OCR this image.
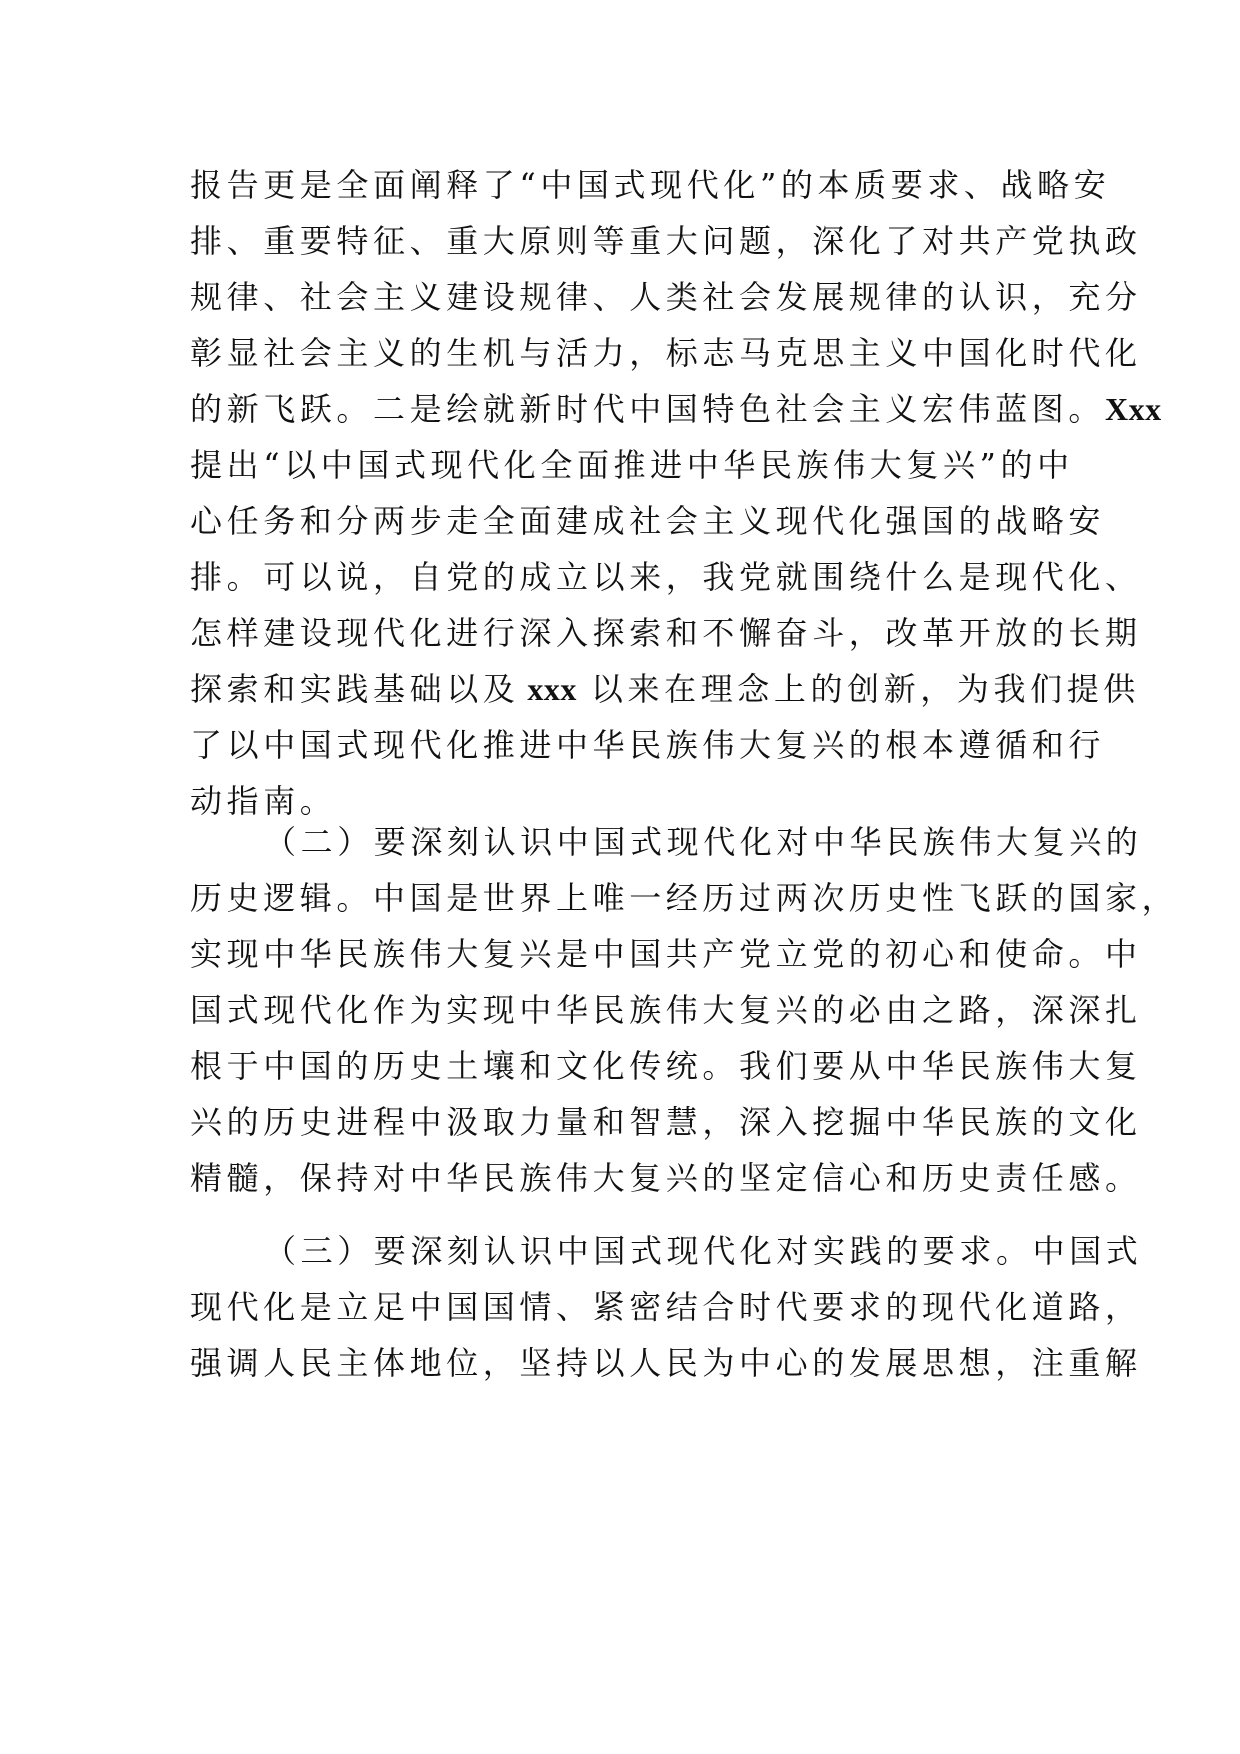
报告更是全面阐释了“中国式现代化”的本质要求、战略安
排、重要特征、重大原则等重大问题，深化了对共产党执政
规律、社会主义建设规律、人类社会发展规律的认识，充分
彰显社会主义的生机与活力，标志马克思主义中国化时代化
的新飞跃。二是绘就新时代中国特色社会主义宏伟蓝图。Xxx
提出“以中国式现代化全面推进中华民族伟大复兴”的中
心任务和分两步走全面建成社会主义现代化强国的战略安
排。可以说，自党的成立以来，我党就围绕什么是现代化、
怎样建设现代化进行深入探索和不懈奋斗，改革开放的长期
探索和实践基础以及 xxx 以来在理念上的创新，为我们提供
了以中国式现代化推进中华民族伟大复兴的根本遵循和行
动指南。
（二）要深刻认识中国式现代化对中华民族伟大复兴的
历史逻辑。中国是世界上唯一经历过两次历史性飞跃的国家，
实现中华民族伟大复兴是中国共产党立党的初心和使命。中
国式现代化作为实现中华民族伟大复兴的必由之路，深深扎
根于中国的历史土壤和文化传统。我们要从中华民族伟大复
兴的历史进程中汲取力量和智慧，深入挖掘中华民族的文化
精髓，保持对中华民族伟大复兴的坚定信心和历史责任感。
（三）要深刻认识中国式现代化对实践的要求。中国式
现代化是立足中国国情、紧密结合时代要求的现代化道路，
强调人民主体地位，坚持以人民为中心的发展思想，注重解
